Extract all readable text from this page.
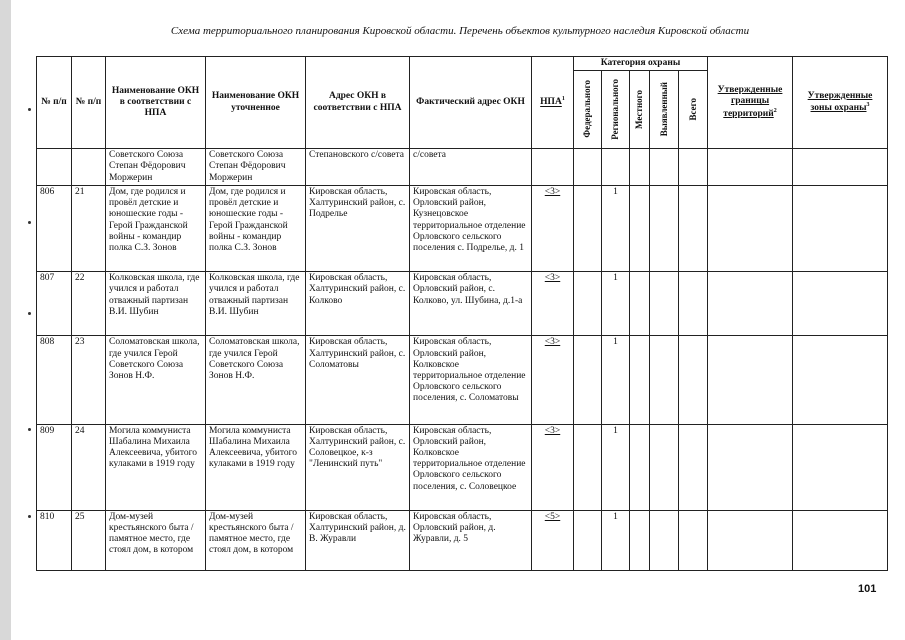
Схема территориального планирования Кировской области. Перечень объектов культурного наследия Кировской области
№ п/п	№ п/п	Наименование ОКН в соответствии с НПА	Наименование ОКН уточненное	Адрес ОКН в соответствии с НПА	Фактический адрес ОКН	НПА$^1$	Категория охраны					Утвержденные границы территорий$^2$	Утвержденные зоны охраны$^3$
							Федерального	Регионального	Местного	Выявленный	Всего		
		Советского Союза Степан Фёдорович Моржерин	Советского Союза Степан Фёдорович Моржерин	Степановского с/совета	с/совета								
806	21	Дом, где родился и провёл детские и юношеские годы - Герой Гражданской войны - командир полка С.З. Зонов	Дом, где родился и провёл детские и юношеские годы - Герой Гражданской войны - командир полка С.З. Зонов	Кировская область, Халтуринский район, с. Подрелье	Кировская область, Орловский район, Кузнецовское территориальное отделение Орловского сельского поселения с. Подрелье, д. 1	<3>		1					
807	22	Колковская школа, где учился и работал отважный партизан В.И. Шубин	Колковская школа, где учился и работал отважный партизан В.И. Шубин	Кировская область, Халтуринский район, с. Колково	Кировская область, Орловский район, с. Колково, ул. Шубина, д.1-а	<3>		1					
808	23	Соломатовская школа, где учился Герой Советского Союза Зонов Н.Ф.	Соломатовская школа, где учился Герой Советского Союза Зонов Н.Ф.	Кировская область, Халтуринский район, с. Соломатовы	Кировская область, Орловский район, Колковское территориальное отделение Орловского сельского поселения, с. Соломатовы	<3>		1					
809	24	Могила коммуниста Шабалина Михаила Алексеевича, убитого кулаками в 1919 году	Могила коммуниста Шабалина Михаила Алексеевича, убитого кулаками в 1919 году	Кировская область, Халтуринский район, с. Соловецкое, к-з "Ленинский путь"	Кировская область, Орловский район, Колковское территориальное отделение Орловского сельского поселения, с. Соловецкое	<3>		1					
810	25	Дом-музей крестьянского быта /памятное место, где стоял дом, в котором	Дом-музей крестьянского быта /памятное место, где стоял дом, в котором	Кировская область, Халтуринский район, д. В. Журавли	Кировская область, Орловский район, д. Журавли, д. 5	<5>		1					
101
